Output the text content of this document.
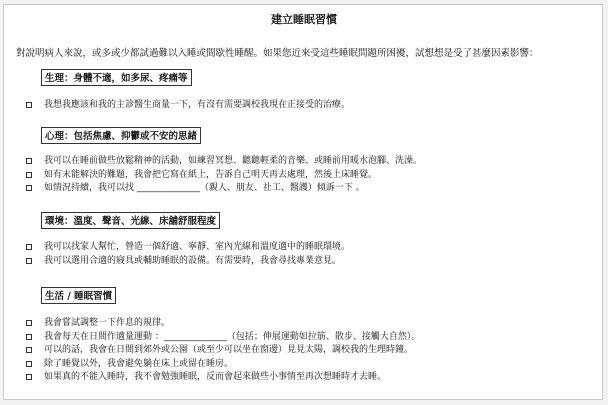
建立睡眠習慣
對說明病人來說，或多或少都試過難以入睡或間歇性睡醒。如果您近來受這些睡眠問題所困擾，試想想是受了甚麼因素影響：
生理：身體不適，如多尿、疼痛等
我想我應該和我的主診醫生商量一下，有沒有需要調校我現在正接受的治療。
心理：包括焦慮、抑鬱或不安的思緒
我可以在睡前做些放鬆精神的活動，如練習冥想、聽聽輕柔的音樂、或睡前用暖水泡腳、洗澡。
如有未能解決的難題，我會把它寫在紙上，告訴自己明天再去處理，然後上床睡覺。
如情況持續，我可以找 ______________（親人、朋友、社工、醫護）傾訴一下 。
環境：溫度、聲音、光線、床舖舒服程度
我可以找家人幫忙，營造一個舒適、寧靜、室內光線和溫度適中的睡眠環境。
我可以選用合適的寢具或輔助睡眠的設備。有需要時，我會尋找專業意見。
生活 / 睡眠習慣
我會嘗試調整一下作息的規律。
我會每天在日間作適量運動 ：______________（包括；伸展運動如拉筋、散步、接觸大自然）。
可以的話，我會在日間到郊外或公園（或至少可以坐在窗邊）見見太陽，調校我的生理時鐘。
除了睡覺以外，我會避免躺在床上或留在睡房。
如果真的不能入睡時，我不會勉強睡眠，反而會起來做些小事情至再次想睡時才去睡。
